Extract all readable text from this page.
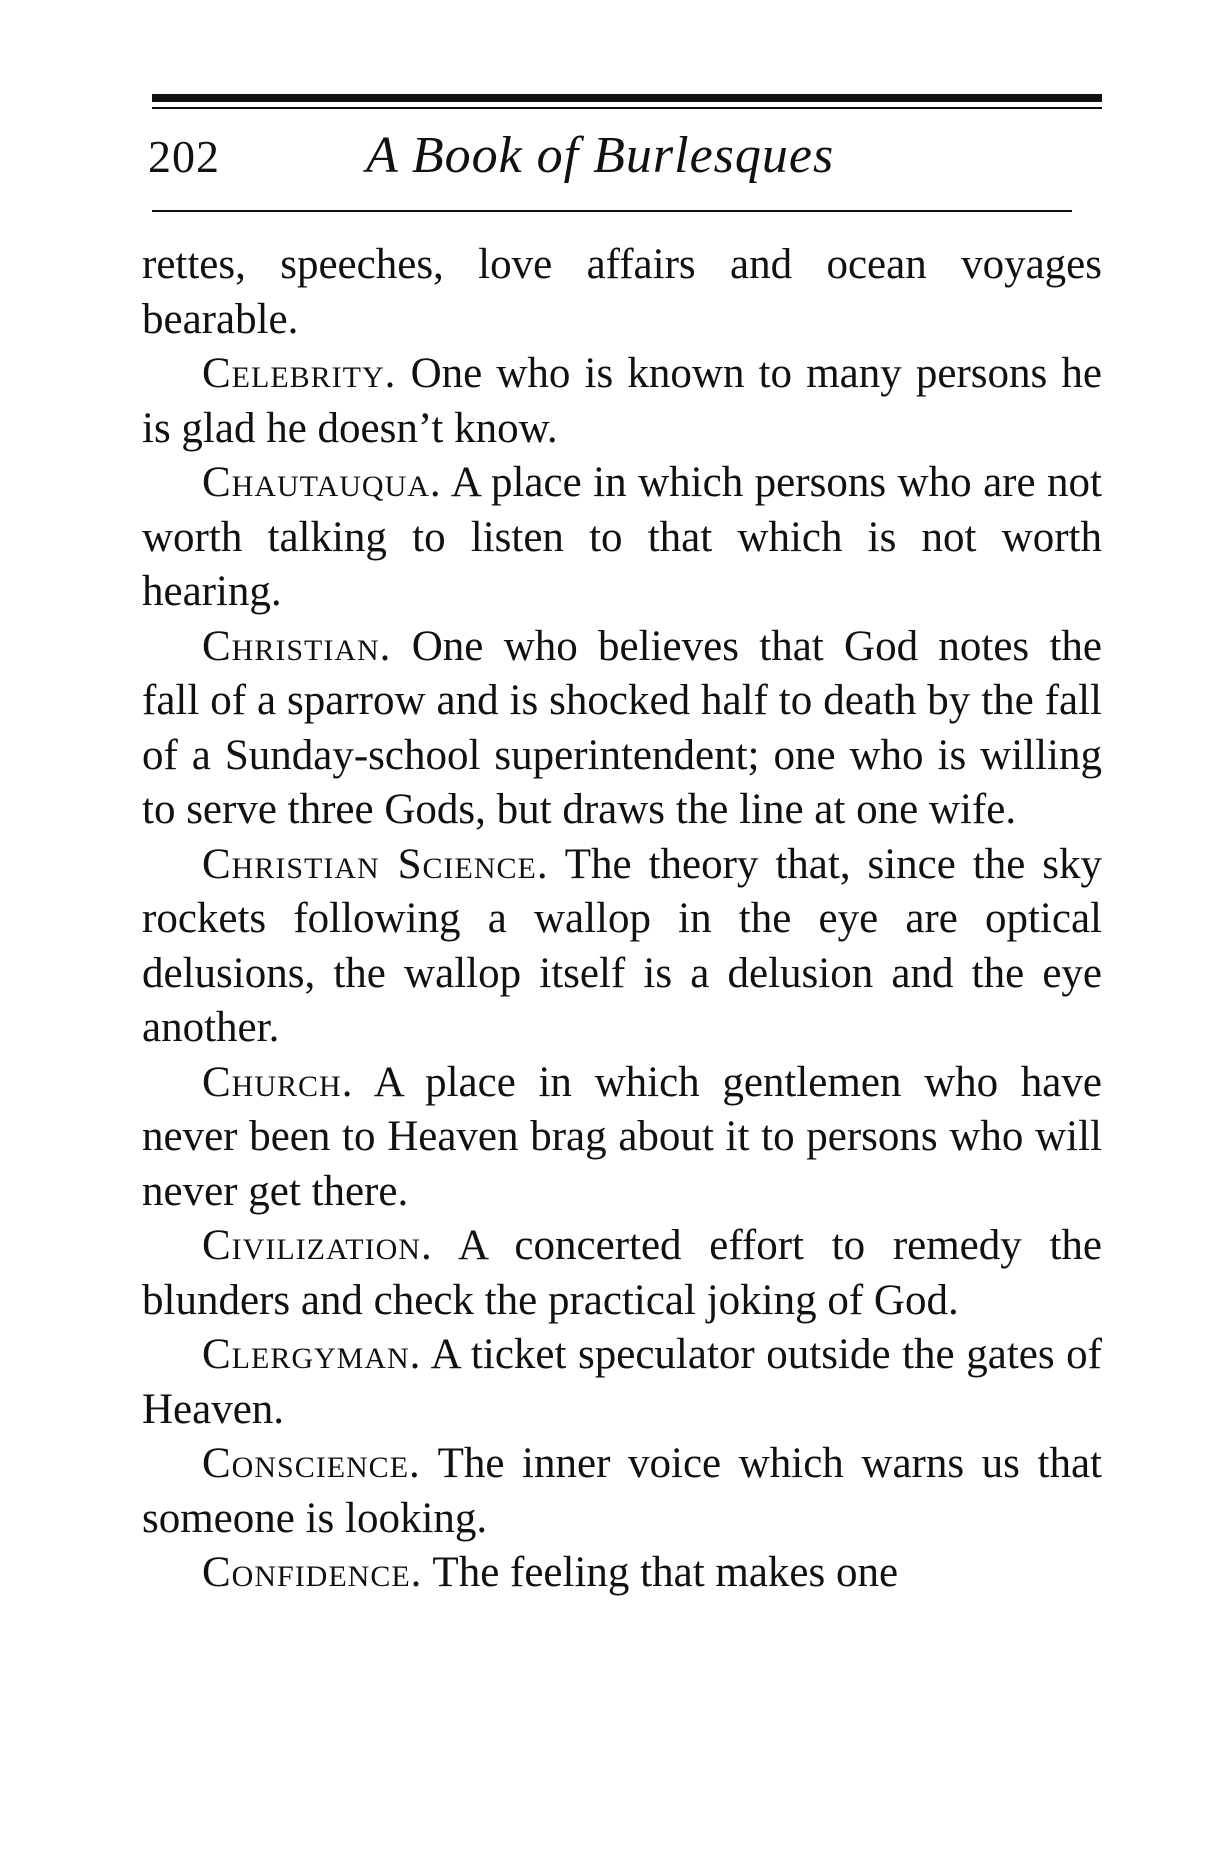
202	A Book of Burlesques

rettes, speeches, love affairs and ocean voyages bearable.

Celebrity. One who is known to many persons he is glad he doesn’t know.

Chautauqua. A place in which persons who are not worth talking to listen to that which is not worth hearing.

Christian. One who believes that God notes the fall of a sparrow and is shocked half to death by the fall of a Sunday-school superintendent; one who is willing to serve three Gods, but draws the line at one wife.

Christian Science. The theory that, since the sky rockets following a wallop in the eye are optical delusions, the wallop itself is a delusion and the eye another.

Church. A place in which gentlemen who have never been to Heaven brag about it to persons who will never get there.

Civilization. A concerted effort to remedy the blunders and check the practical joking of God.

Clergyman. A ticket speculator outside the gates of Heaven.

Conscience. The inner voice which warns us that someone is looking.

Confidence. The feeling that makes one
